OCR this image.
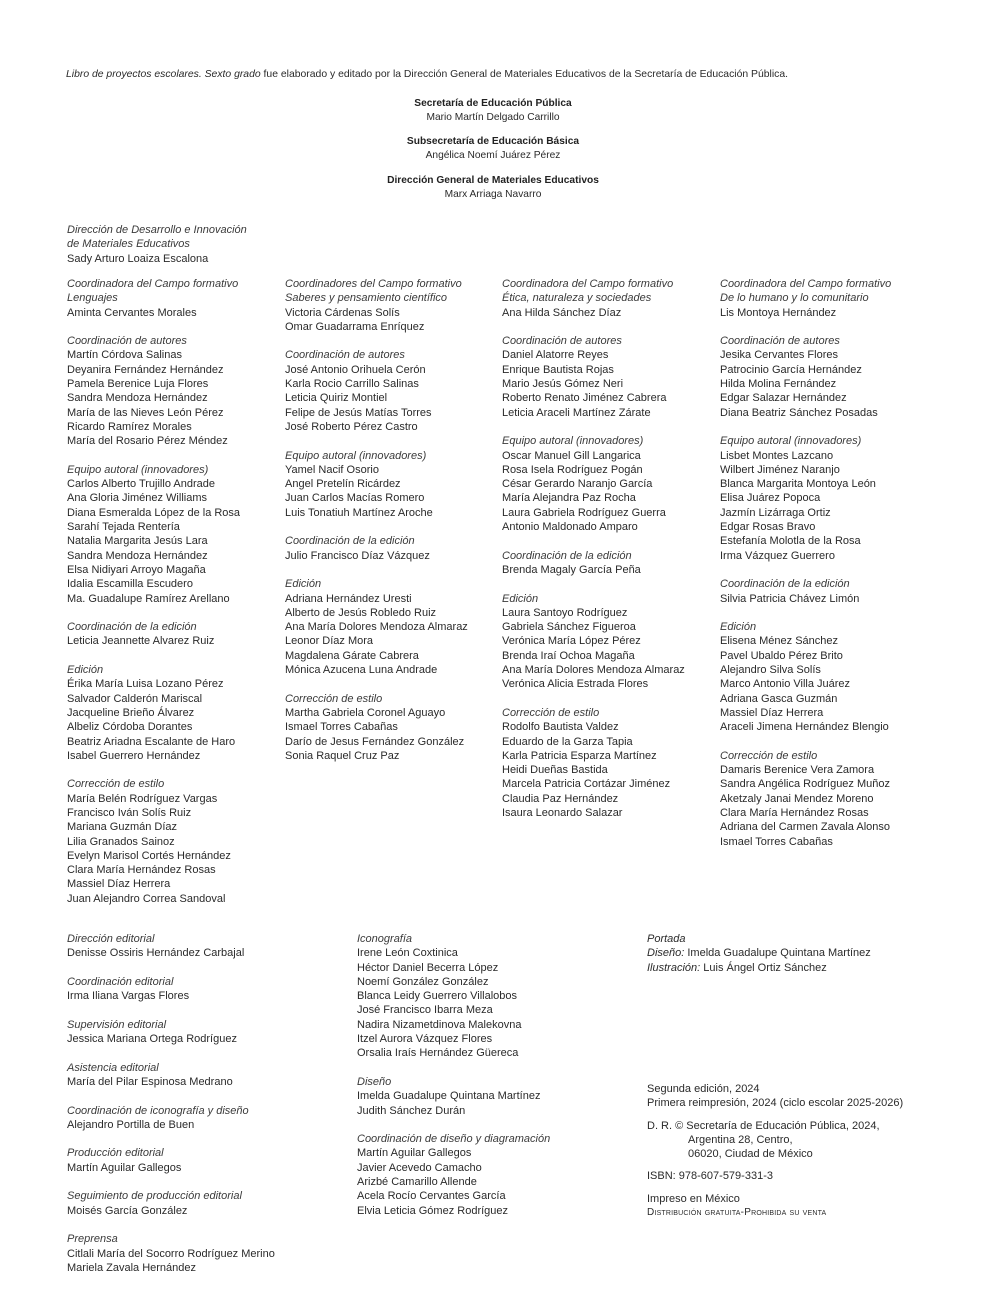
Libro de proyectos escolares. Sexto grado fue elaborado y editado por la Dirección General de Materiales Educativos de la Secretaría de Educación Pública.
Secretaría de Educación Pública
Mario Martín Delgado Carrillo
Subsecretaría de Educación Básica
Angélica Noemí Juárez Pérez
Dirección General de Materiales Educativos
Marx Arriaga Navarro
Dirección de Desarrollo e Innovación
de Materiales Educativos
Sady Arturo Loaiza Escalona
Coordinadora del Campo formativo
Lenguajes
Aminta Cervantes Morales
Coordinación de autores
Martín Córdova Salinas
Deyanira Fernández Hernández
Pamela Berenice Luja Flores
Sandra Mendoza Hernández
María de las Nieves León Pérez
Ricardo Ramírez Morales
María del Rosario Pérez Méndez
Equipo autoral (innovadores)
Carlos Alberto Trujillo Andrade
Ana Gloria Jiménez Williams
Diana Esmeralda López de la Rosa
Sarahí Tejada Rentería
Natalia Margarita Jesús Lara
Sandra Mendoza Hernández
Elsa Nidiyari Arroyo Magaña
Idalia Escamilla Escudero
Ma. Guadalupe Ramírez Arellano
Coordinación de la edición
Leticia Jeannette Alvarez Ruiz
Edición
Érika María Luisa Lozano Pérez
Salvador Calderón Mariscal
Jacqueline Brieño Álvarez
Albeliz Córdoba Dorantes
Beatriz Ariadna Escalante de Haro
Isabel Guerrero Hernández
Corrección de estilo
María Belén Rodríguez Vargas
Francisco Iván Solís Ruiz
Mariana Guzmán Díaz
Lilia Granados Sainoz
Evelyn Marisol Cortés Hernández
Clara María Hernández Rosas
Massiel Díaz Herrera
Juan Alejandro Correa Sandoval
Coordinadores del Campo formativo
Saberes y pensamiento científico
Victoria Cárdenas Solís
Omar Guadarrama Enríquez
Coordinación de autores
José Antonio Orihuela Cerón
Karla Rocio Carrillo Salinas
Leticia Quiriz Montiel
Felipe de Jesús Matías Torres
José Roberto Pérez Castro
Equipo autoral (innovadores)
Yamel Nacif Osorio
Angel Pretelín Ricárdez
Juan Carlos Macías Romero
Luis Tonatiuh Martínez Aroche
Coordinación de la edición
Julio Francisco Díaz Vázquez
Edición
Adriana Hernández Uresti
Alberto de Jesús Robledo Ruiz
Ana María Dolores Mendoza Almaraz
Leonor Díaz Mora
Magdalena Gárate Cabrera
Mónica Azucena Luna Andrade
Corrección de estilo
Martha Gabriela Coronel Aguayo
Ismael Torres Cabañas
Darío de Jesus Fernández González
Sonia Raquel Cruz Paz
Coordinadora del Campo formativo
Ética, naturaleza y sociedades
Ana Hilda Sánchez Díaz
Coordinación de autores
Daniel Alatorre Reyes
Enrique Bautista Rojas
Mario Jesús Gómez Neri
Roberto Renato Jiménez Cabrera
Leticia Araceli Martínez Zárate
Equipo autoral (innovadores)
Oscar Manuel Gill Langarica
Rosa Isela Rodríguez Pogán
César Gerardo Naranjo García
María Alejandra Paz Rocha
Laura Gabriela Rodríguez Guerra
Antonio Maldonado Amparo
Coordinación de la edición
Brenda Magaly García Peña
Edición
Laura Santoyo Rodríguez
Gabriela Sánchez Figueroa
Verónica María López Pérez
Brenda Iraí Ochoa Magaña
Ana María Dolores Mendoza Almaraz
Verónica Alicia Estrada Flores
Corrección de estilo
Rodolfo Bautista Valdez
Eduardo de la Garza Tapia
Karla Patricia Esparza Martínez
Heidi Dueñas Bastida
Marcela Patricia Cortázar Jiménez
Claudia Paz Hernández
Isaura Leonardo Salazar
Coordinadora del Campo formativo
De lo humano y lo comunitario
Lis Montoya Hernández
Coordinación de autores
Jesika Cervantes Flores
Patrocinio García Hernández
Hilda Molina Fernández
Edgar Salazar Hernández
Diana Beatriz Sánchez Posadas
Equipo autoral (innovadores)
Lisbet Montes Lazcano
Wilbert Jiménez Naranjo
Blanca Margarita Montoya León
Elisa Juárez Popoca
Jazmín Lizárraga Ortiz
Edgar Rosas Bravo
Estefanía Molotla de la Rosa
Irma Vázquez Guerrero
Coordinación de la edición
Silvia Patricia Chávez Limón
Edición
Elisena Ménez Sánchez
Pavel Ubaldo Pérez Brito
Alejandro Silva Solís
Marco Antonio Villa Juárez
Adriana Gasca Guzmán
Massiel Díaz Herrera
Araceli Jimena Hernández Blengio
Corrección de estilo
Damaris Berenice Vera Zamora
Sandra Angélica Rodríguez Muñoz
Aketzaly Janai Mendez Moreno
Clara María Hernández Rosas
Adriana del Carmen Zavala Alonso
Ismael Torres Cabañas
Dirección editorial
Denisse Ossiris Hernández Carbajal
Coordinación editorial
Irma Iliana Vargas Flores
Supervisión editorial
Jessica Mariana Ortega Rodríguez
Asistencia editorial
María del Pilar Espinosa Medrano
Coordinación de iconografía y diseño
Alejandro Portilla de Buen
Producción editorial
Martín Aguilar Gallegos
Seguimiento de producción editorial
Moisés García González
Preprensa
Citlali María del Socorro Rodríguez Merino
Mariela Zavala Hernández
Iconografía
Irene León Coxtinica
Héctor Daniel Becerra López
Noemí González González
Blanca Leidy Guerrero Villalobos
José Francisco Ibarra Meza
Nadira Nizametdinova Malekovna
Itzel Aurora Vázquez Flores
Orsalia Iraís Hernández Güereca
Diseño
Imelda Guadalupe Quintana Martínez
Judith Sánchez Durán
Coordinación de diseño y diagramación
Martín Aguilar Gallegos
Javier Acevedo Camacho
Arizbé Camarillo Allende
Acela Rocío Cervantes García
Elvia Leticia Gómez Rodríguez
Portada
Diseño: Imelda Guadalupe Quintana Martínez
Ilustración: Luis Ángel Ortiz Sánchez
Segunda edición, 2024
Primera reimpresión, 2024 (ciclo escolar 2025-2026)
D. R. © Secretaría de Educación Pública, 2024,
Argentina 28, Centro,
06020, Ciudad de México
ISBN: 978-607-579-331-3
Impreso en México
Distribución gratuita-Prohibida su venta
